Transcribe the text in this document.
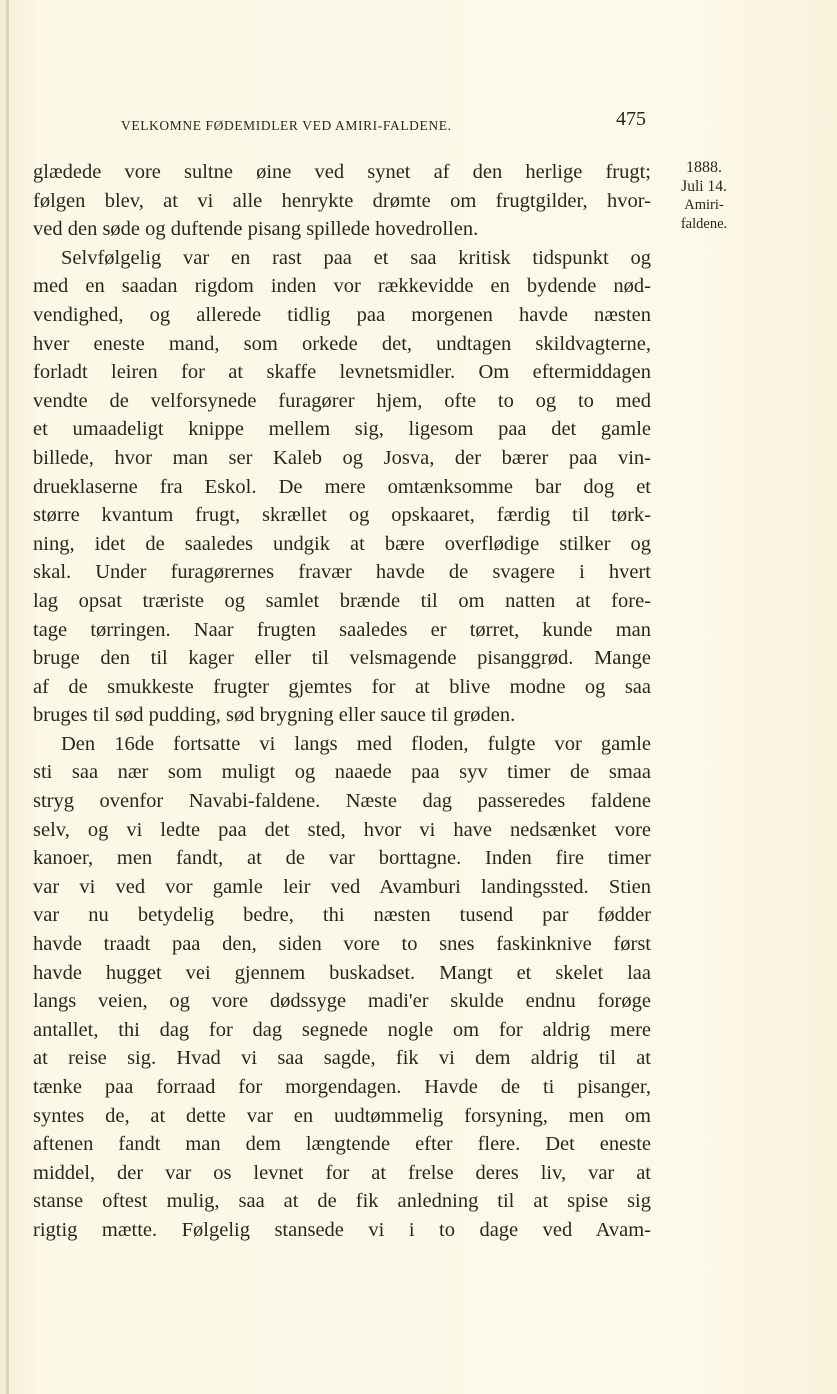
VELKOMNE FØDEMIDLER VED AMIRI-FALDENE.	475
1888.
Juli 14.
Amiri-
faldene.
glædede vore sultne øine ved synet af den herlige frugt;
følgen blev, at vi alle henrykte drømte om frugtgilder, hvor-
ved den søde og duftende pisang spillede hovedrollen.
Selvfølgelig var en rast paa et saa kritisk tidspunkt og
med en saadan rigdom inden vor rækkevidde en bydende nød-
vendighed, og allerede tidlig paa morgenen havde næsten
hver eneste mand, som orkede det, undtagen skildvagterne,
forladt leiren for at skaffe levnetsmidler. Om eftermiddagen
vendte de velforsynede furagører hjem, ofte to og to med
et umaadeligt knippe mellem sig, ligesom paa det gamle
billede, hvor man ser Kaleb og Josva, der bærer paa vin-
drueklaserne fra Eskol. De mere omtænksomme bar dog et
større kvantum frugt, skrællet og opskaaret, færdig til tørk-
ning, idet de saaledes undgik at bære overflødige stilker og
skal. Under furagørernes fravær havde de svagere i hvert
lag opsat træriste og samlet brænde til om natten at fore-
tage tørringen. Naar frugten saaledes er tørret, kunde man
bruge den til kager eller til velsmagende pisanggrød. Mange
af de smukkeste frugter gjemtes for at blive modne og saa
bruges til sød pudding, sød brygning eller sauce til grøden.
Den 16de fortsatte vi langs med floden, fulgte vor gamle
sti saa nær som muligt og naaede paa syv timer de smaa
stryg ovenfor Navabi-faldene. Næste dag passeredes faldene
selv, og vi ledte paa det sted, hvor vi have nedsænket vore
kanoer, men fandt, at de var borttagne. Inden fire timer
var vi ved vor gamle leir ved Avamburi landingssted. Stien
var nu betydelig bedre, thi næsten tusend par fødder
havde traadt paa den, siden vore to snes faskinknive først
havde hugget vei gjennem buskadset. Mangt et skelet laa
langs veien, og vore dødssyge madi'er skulde endnu forøge
antallet, thi dag for dag segnede nogle om for aldrig mere
at reise sig. Hvad vi saa sagde, fik vi dem aldrig til at
tænke paa forraad for morgendagen. Havde de ti pisanger,
syntes de, at dette var en uudtømmelig forsyning, men om
aftenen fandt man dem længtende efter flere. Det eneste
middel, der var os levnet for at frelse deres liv, var at
stanse oftest mulig, saa at de fik anledning til at spise sig
rigtig mætte. Følgelig stansede vi i to dage ved Avam-
